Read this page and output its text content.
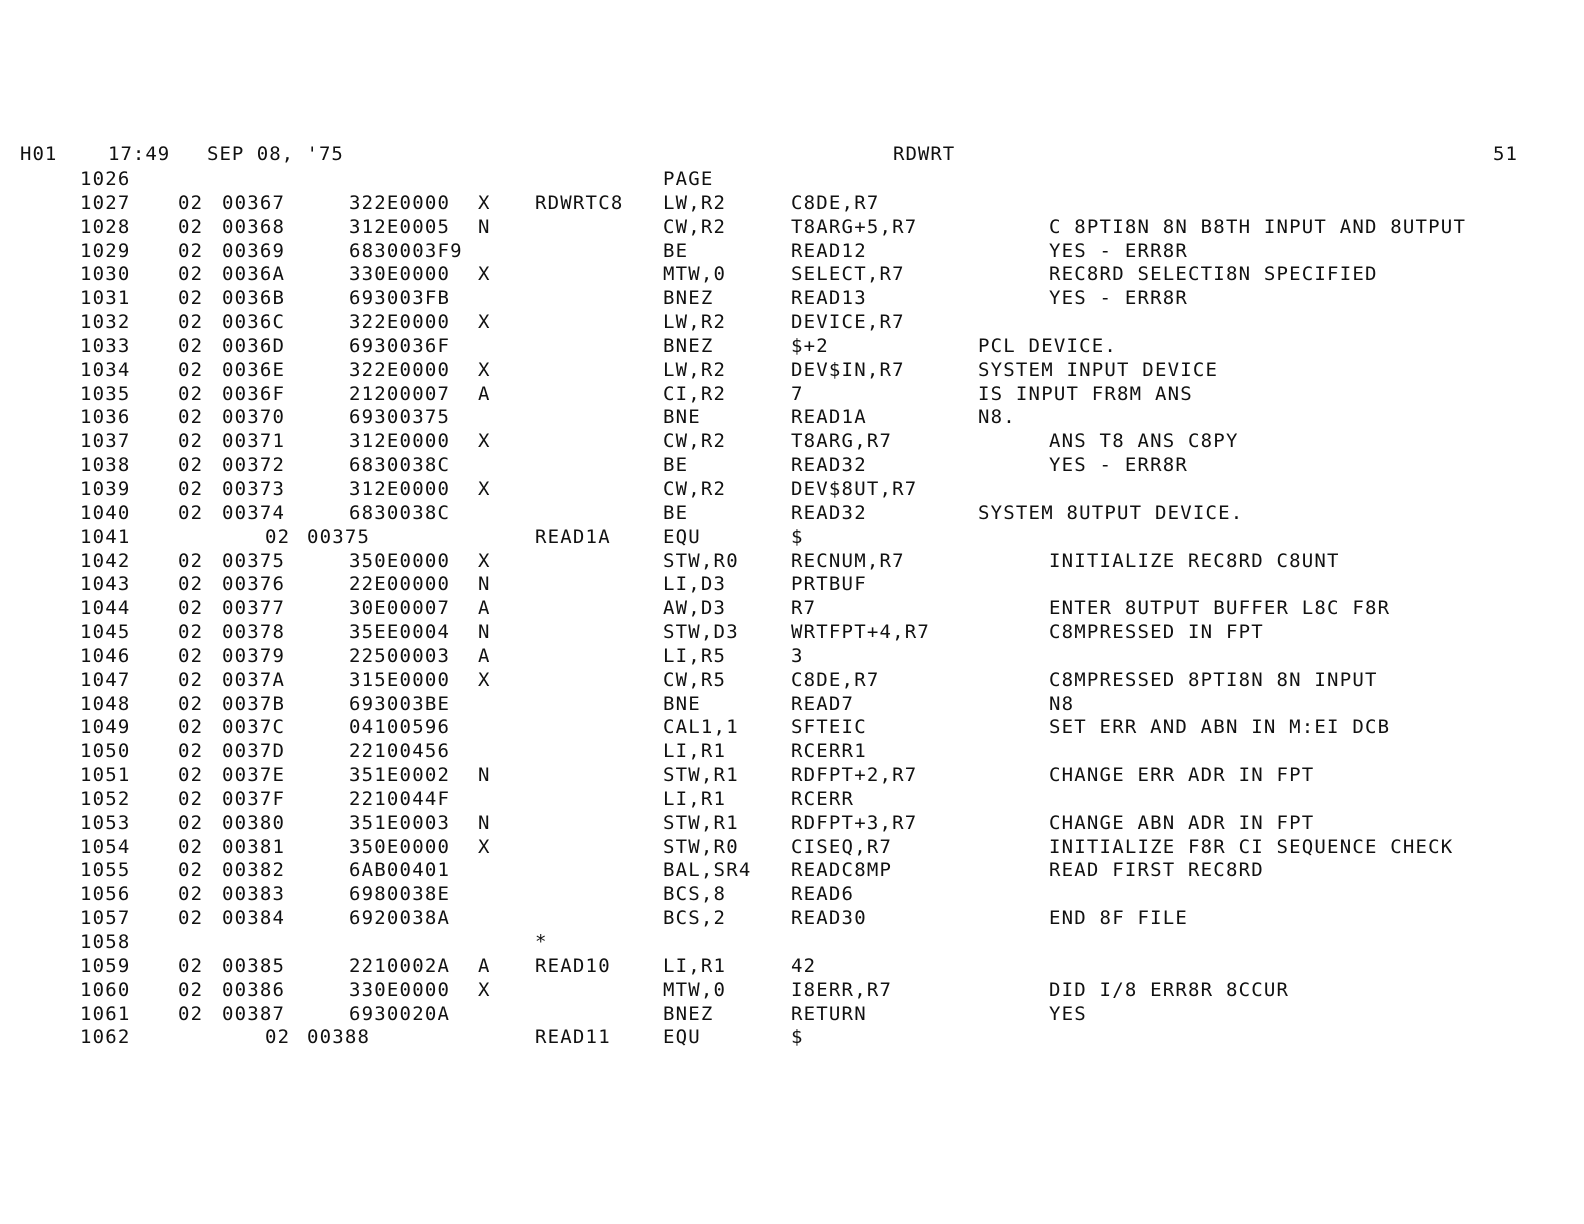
H01	17:49 SEP 08, '75	RDWRT	51
1026	PAGE
1027 02 00367	322E0000 X RDWRTC8 LW,R2	C8DE,R7
1028 02 00368	312E0005 N	CW,R2	T8ARG+5,R7	C 8PTI8N 8N B8TH INPUT AND 8UTPUT
1029 02 00369	6830003F9	BE	READ12	YES - ERR8R
1030 02 0036A	330E0000 X	MTW,0	SELECT,R7	REC8RD SELECTI8N SPECIFIED
1031 02 0036B	693003FB	BNEZ	READ13	YES - ERR8R
1032 02 0036C	322E0000 X	LW,R2	DEVICE,R7
1033 02 0036D	6930036F	BNEZ	$+2	PCL DEVICE.
1034 02 0036E	322E0000 X	LW,R2	DEV$IN,R7	SYSTEM INPUT DEVICE
1035 02 0036F	21200007 A	CI,R2	7	IS INPUT FR8M ANS
1036 02 00370	69300375	BNE	READ1A	N8.
1037 02 00371	312E0000 X	CW,R2	T8ARG,R7	ANS T8 ANS C8PY
1038 02 00372	6830038C	BE	READ32	YES - ERR8R
1039 02 00373	312E0000 X	CW,R2	DEV$8UT,R7
1040 02 00374	6830038C	BE	READ32	SYSTEM 8UTPUT DEVICE.
1041	02 00375	READ1A	EQU	$
1042 02 00375	350E0000 X	STW,R0	RECNUM,R7	INITIALIZE REC8RD C8UNT
1043 02 00376	22E00000 N	LI,D3	PRTBUF
1044 02 00377	30E00007 A	AW,D3	R7	ENTER 8UTPUT BUFFER L8C F8R
1045 02 00378	35EE0004 N	STW,D3	WRTFPT+4,R7	C8MPRESSED IN FPT
1046 02 00379	22500003 A	LI,R5	3
1047 02 0037A	315E0000 X	CW,R5	C8DE,R7	C8MPRESSED 8PTI8N 8N INPUT
1048 02 0037B	693003BE	BNE	READ7	N8
1049 02 0037C	04100596	CAL1,1	SFTEIC	SET ERR AND ABN IN M:EI DCB
1050 02 0037D	22100456	LI,R1	RCERR1
1051 02 0037E	351E0002 N	STW,R1	RDFPT+2,R7	CHANGE ERR ADR IN FPT
1052 02 0037F	2210044F	LI,R1	RCERR
1053 02 00380	351E0003 N	STW,R1	RDFPT+3,R7	CHANGE ABN ADR IN FPT
1054 02 00381	350E0000 X	STW,R0	CISEQ,R7	INITIALIZE F8R CI SEQUENCE CHECK
1055 02 00382	6AB00401	BAL,SR4 READC8MP	READ FIRST REC8RD
1056 02 00383	6980038E	BCS,8	READ6
1057 02 00384	6920038A	BCS,2	READ30	END 8F FILE
1058	*
1059 02 00385	2210002A A READ10	LI,R1	42
1060 02 00386	330E0000 X	MTW,0	I8ERR,R7	DID I/8 ERR8R 8CCUR
1061 02 00387	6930020A	BNEZ	RETURN	YES
1062	02 00388	READ11	EQU	$
